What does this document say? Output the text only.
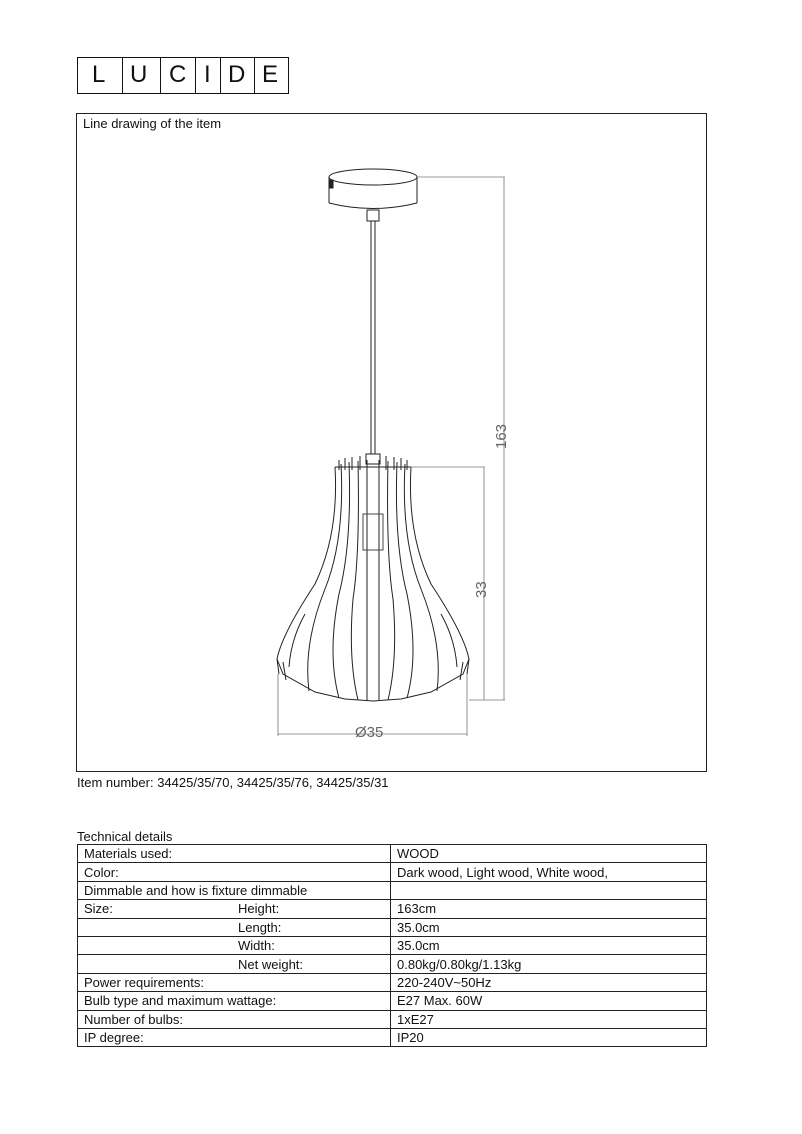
L U C I D E
Line drawing of the item
163
33
Ø35
Item number: 34425/35/70, 34425/35/76, 34425/35/31
Technical details
Materials used:	WOOD
Color:	Dark wood, Light wood, White wood,
Dimmable and how is fixture dimmable	
Size: Height:	163cm
Length:	35.0cm
Width:	35.0cm
Net weight:	0.80kg/0.80kg/1.13kg
Power requirements:	220-240V~50Hz
Bulb type and maximum wattage:	E27 Max. 60W
Number of bulbs:	1xE27
IP degree:	IP20
